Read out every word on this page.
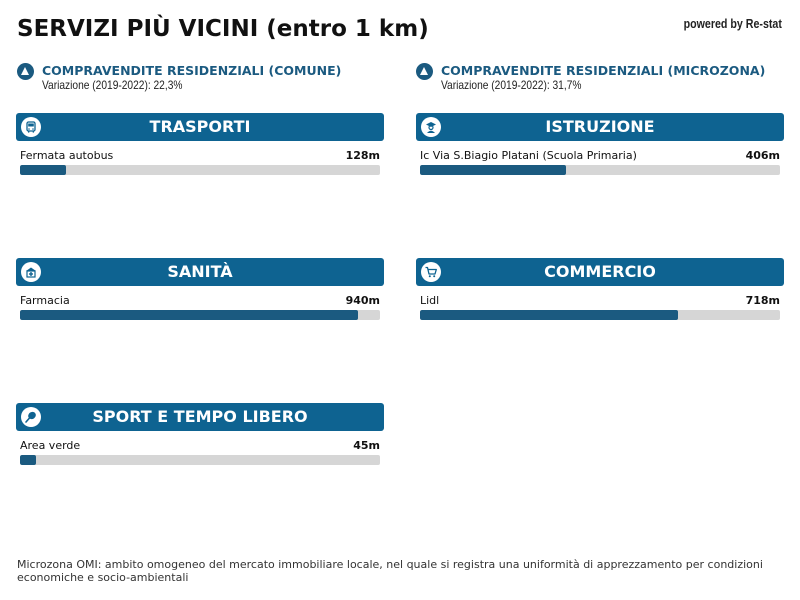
SERVIZI PIÙ VICINI (entro 1 km)	powered by Re-stat
COMPRAVENDITE RESIDENZIALI (COMUNE)
Variazione (2019-2022): 22,3%
COMPRAVENDITE RESIDENZIALI (MICROZONA)
Variazione (2019-2022): 31,7%
TRASPORTI
Fermata autobus	128m
ISTRUZIONE
Ic Via S.Biagio Platani (Scuola Primaria)	406m
SANITÀ
Farmacia	940m
COMMERCIO
Lidl	718m
SPORT E TEMPO LIBERO
Area verde	45m
Microzona OMI: ambito omogeneo del mercato immobiliare locale, nel quale si registra una uniformità di apprezzamento per condizioni economiche e socio-ambientali
